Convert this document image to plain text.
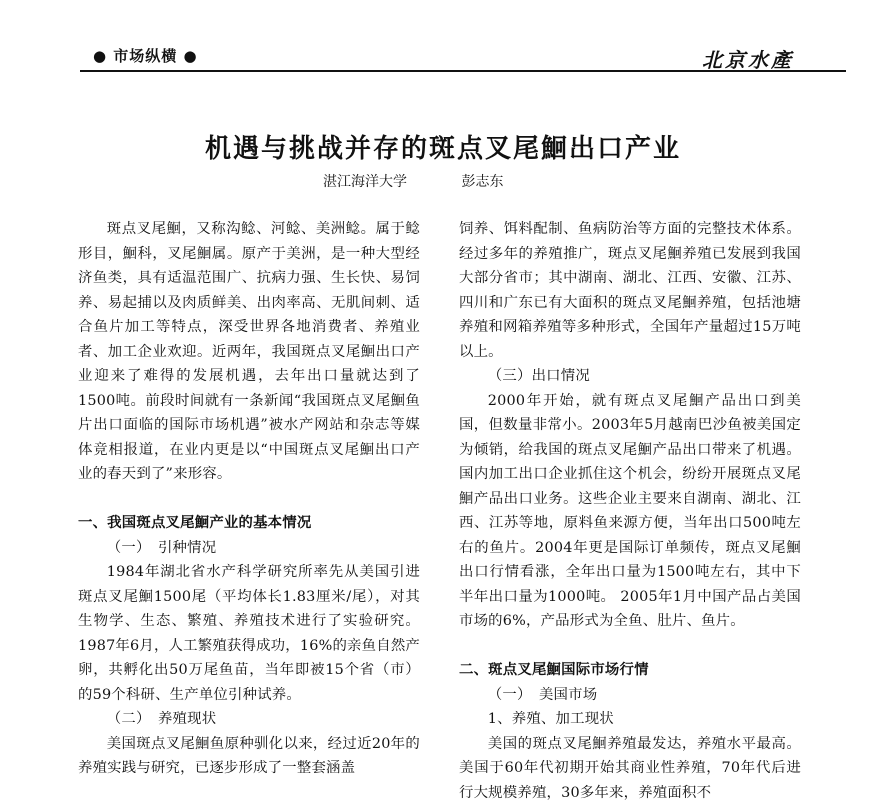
● 市场纵横 ●	北京水產
机遇与挑战并存的斑点叉尾鮰出口产业
湛江海洋大学	彭志东

斑点叉尾鮰，又称沟鲶、河鲶、美洲鲶。属于鲶形目，鮰科，叉尾鮰属。原产于美洲，是一种大型经济鱼类，具有适温范围广、抗病力强、生长快、易饲养、易起捕以及肉质鲜美、出肉率高、无肌间刺、适合鱼片加工等特点，深受世界各地消费者、养殖业者、加工企业欢迎。近两年，我国斑点叉尾鮰出口产业迎来了难得的发展机遇，去年出口量就达到了1500吨。前段时间就有一条新闻“我国斑点叉尾鮰鱼片出口面临的国际市场机遇”被水产网站和杂志等媒体竞相报道，在业内更是以“中国斑点叉尾鮰出口产业的春天到了”来形容。

一、我国斑点叉尾鮰产业的基本情况
（一）　引种情况

1984年湖北省水产科学研究所率先从美国引进斑点叉尾鮰1500尾（平均体长1.83厘米/尾），对其生物学、生态、繁殖、养殖技术进行了实验研究。1987年6月，人工繁殖获得成功，16%的亲鱼自然产卵，共孵化出50万尾鱼苗，当年即被15个省（市）的59个科研、生产单位引种试养。

（二）　养殖现状

美国斑点叉尾鮰鱼原种驯化以来，经过近20年的养殖实践与研究，已逐步形成了一整套涵盖

饲养、饵料配制、鱼病防治等方面的完整技术体系。经过多年的养殖推广，斑点叉尾鮰养殖已发展到我国大部分省市；其中湖南、湖北、江西、安徽、江苏、四川和广东已有大面积的斑点叉尾鮰养殖，包括池塘养殖和网箱养殖等多种形式，全国年产量超过15万吨以上。

（三）出口情况

2000年开始，就有斑点叉尾鮰产品出口到美国，但数量非常小。2003年5月越南巴沙鱼被美国定为倾销，给我国的斑点叉尾鮰产品出口带来了机遇。国内加工出口企业抓住这个机会，纷纷开展斑点叉尾鮰产品出口业务。这些企业主要来自湖南、湖北、江西、江苏等地，原料鱼来源方便，当年出口500吨左右的鱼片。2004年更是国际订单频传，斑点叉尾鮰出口行情看涨，全年出口量为1500吨左右，其中下半年出口量为1000吨。 2005年1月中国产品占美国市场的6%，产品形式为全鱼、肚片、鱼片。

二、斑点叉尾鮰国际市场行情
（一）　美国市场
1、养殖、加工现状

美国的斑点叉尾鮰养殖最发达，养殖水平最高。美国于60年代初期开始其商业性养殖，70年代后进行大规模养殖，30多年来，养殖面积不
